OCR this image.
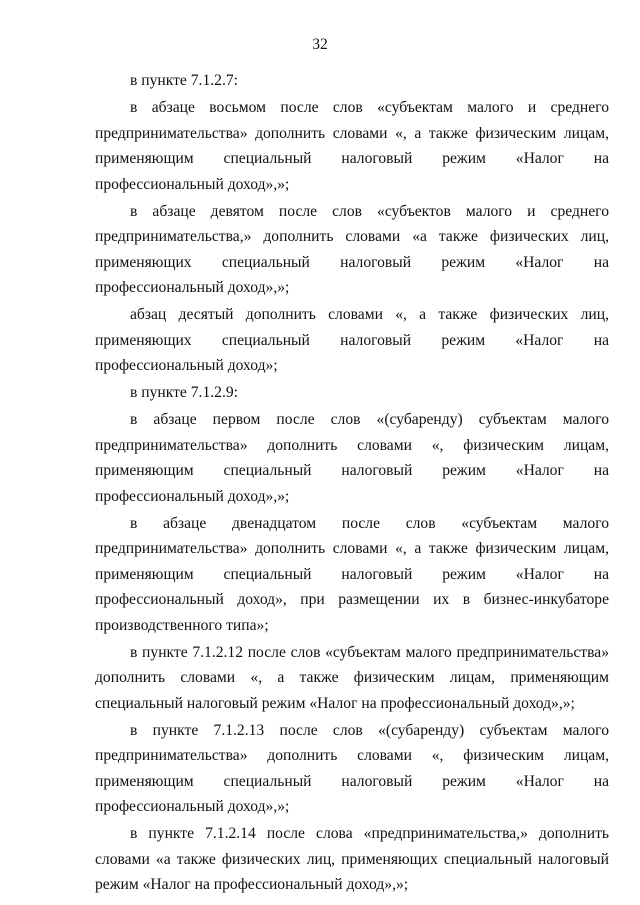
32

в пункте 7.1.2.7:

в абзаце восьмом после слов «субъектам малого и среднего предпринимательства» дополнить словами «, а также физическим лицам, применяющим специальный налоговый режим «Налог на профессиональный доход»,»;

в абзаце девятом после слов «субъектов малого и среднего предпринимательства,» дополнить словами «а также физических лиц, применяющих специальный налоговый режим «Налог на профессиональный доход»,»;

абзац десятый дополнить словами «, а также физических лиц, применяющих специальный налоговый режим «Налог на профессиональный доход»;

в пункте 7.1.2.9:

в абзаце первом после слов «(субаренду) субъектам малого предпринимательства» дополнить словами «, физическим лицам, применяющим специальный налоговый режим «Налог на профессиональный доход»,»;

в абзаце двенадцатом после слов «субъектам малого предпринимательства» дополнить словами «, а также физическим лицам, применяющим специальный налоговый режим «Налог на профессиональный доход», при размещении их в бизнес-инкубаторе производственного типа»;

в пункте 7.1.2.12 после слов «субъектам малого предпринимательства» дополнить словами «, а также физическим лицам, применяющим специальный налоговый режим «Налог на профессиональный доход»,»;

в пункте 7.1.2.13 после слов «(субаренду) субъектам малого предпринимательства» дополнить словами «, физическим лицам, применяющим специальный налоговый режим «Налог на профессиональный доход»,»;

в пункте 7.1.2.14 после слова «предпринимательства,» дополнить словами «а также физических лиц, применяющих специальный налоговый режим «Налог на профессиональный доход»,»;
